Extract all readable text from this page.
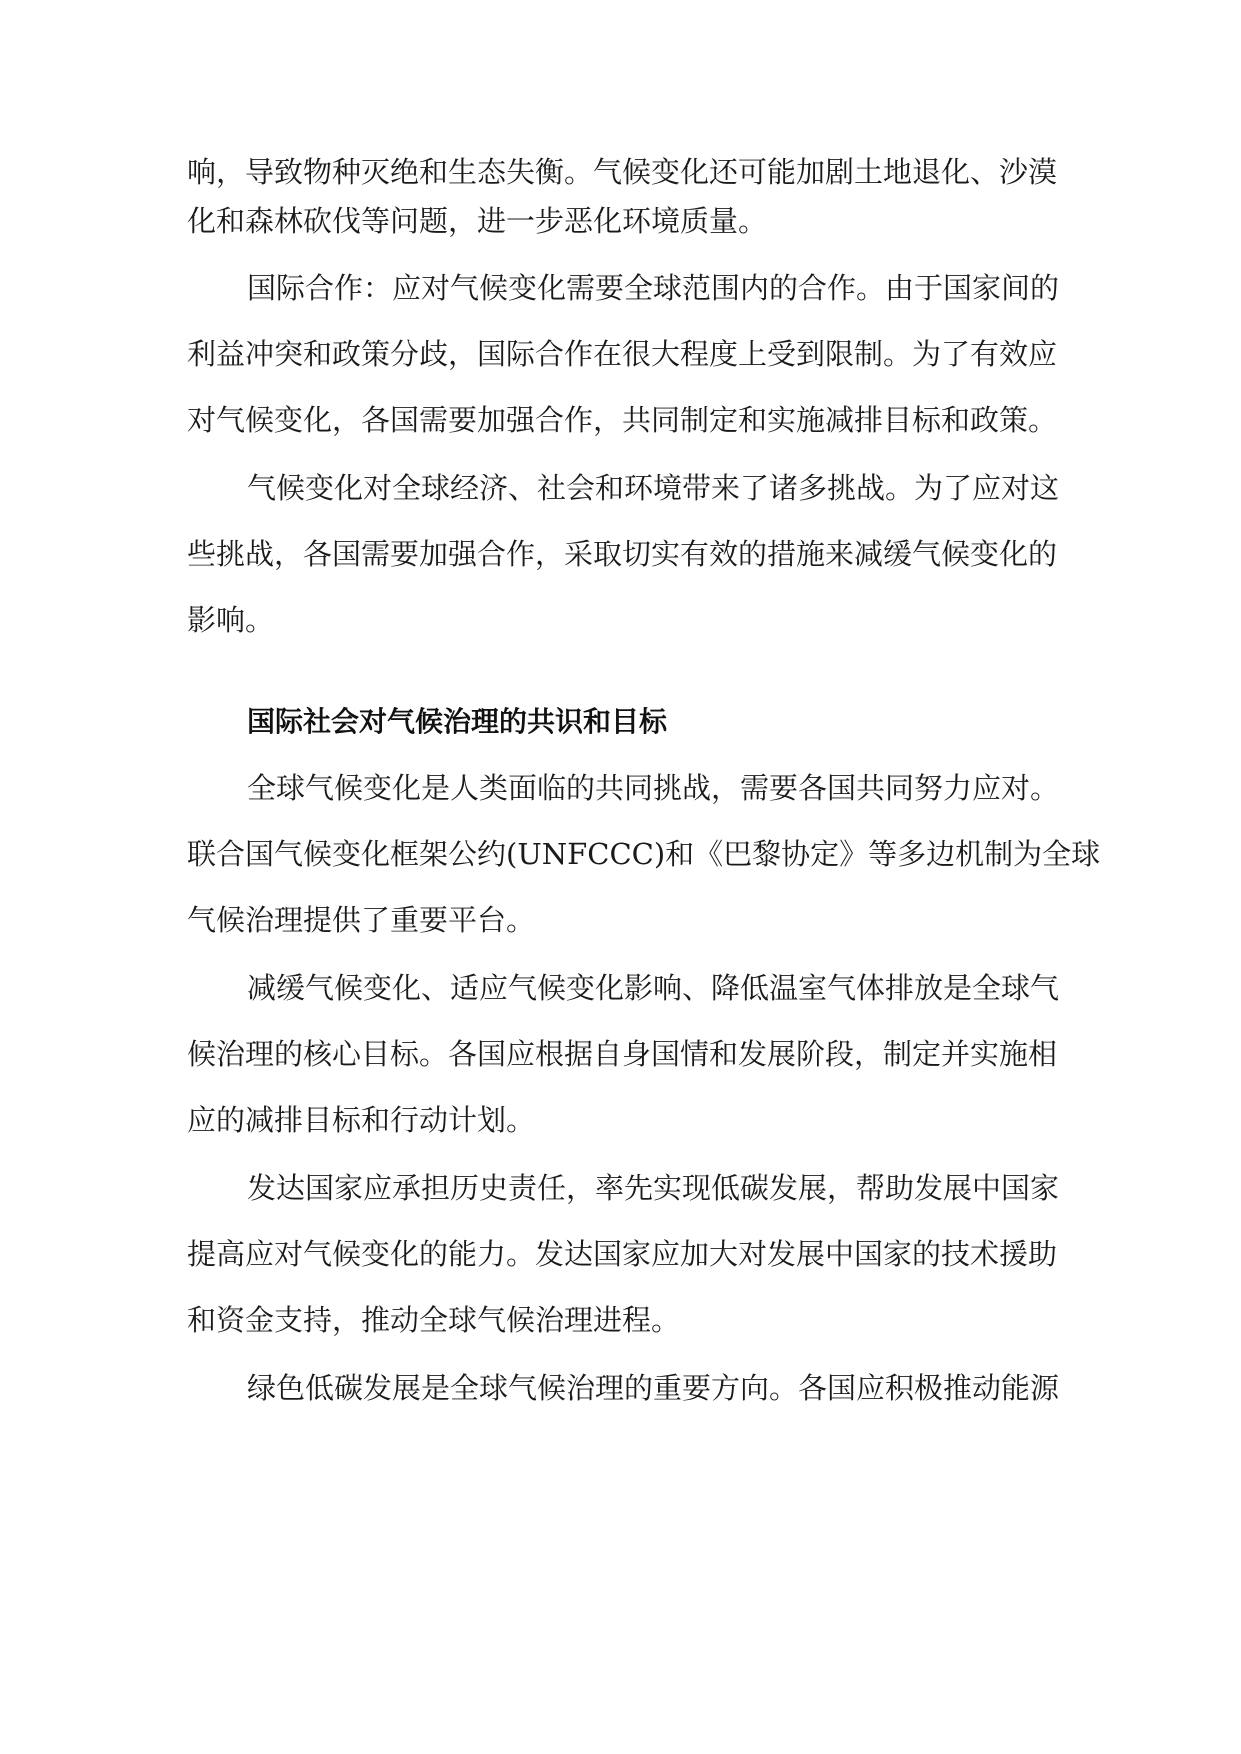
响，导致物种灭绝和生态失衡。气候变化还可能加剧土地退化、沙漠
化和森林砍伐等问题，进一步恶化环境质量。
国际合作：应对气候变化需要全球范围内的合作。由于国家间的
利益冲突和政策分歧，国际合作在很大程度上受到限制。为了有效应
对气候变化，各国需要加强合作，共同制定和实施减排目标和政策。
气候变化对全球经济、社会和环境带来了诸多挑战。为了应对这
些挑战，各国需要加强合作，采取切实有效的措施来减缓气候变化的
影响。
国际社会对气候治理的共识和目标
全球气候变化是人类面临的共同挑战，需要各国共同努力应对。
联合国气候变化框架公约(UNFCCC)和《巴黎协定》等多边机制为全球
气候治理提供了重要平台。
减缓气候变化、适应气候变化影响、降低温室气体排放是全球气
候治理的核心目标。各国应根据自身国情和发展阶段，制定并实施相
应的减排目标和行动计划。
发达国家应承担历史责任，率先实现低碳发展，帮助发展中国家
提高应对气候变化的能力。发达国家应加大对发展中国家的技术援助
和资金支持，推动全球气候治理进程。
绿色低碳发展是全球气候治理的重要方向。各国应积极推动能源
